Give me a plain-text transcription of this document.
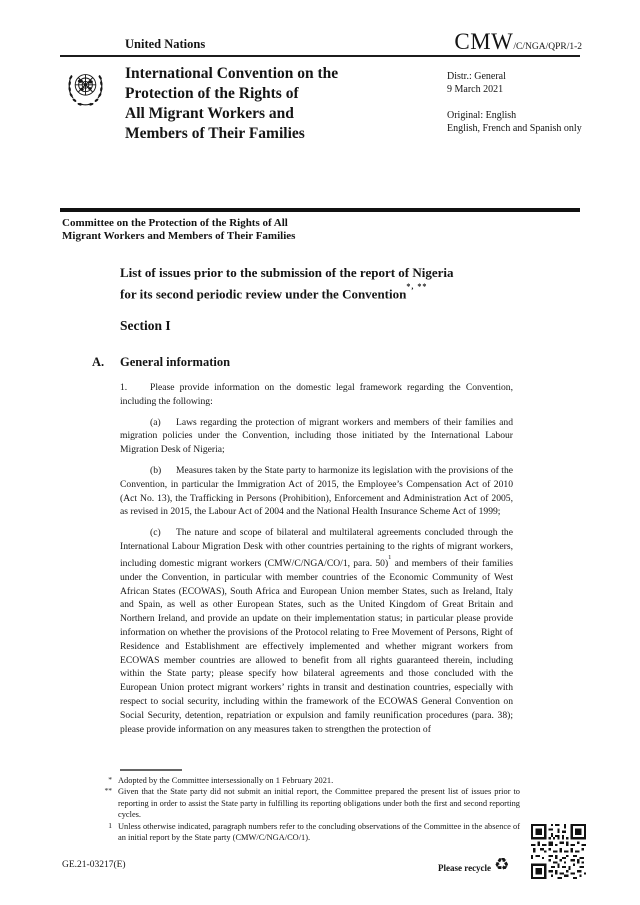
United Nations	CMW /C/NGA/QPR/1-2
International Convention on the
Protection of the Rights of
All Migrant Workers and
Members of Their Families
Distr.: General
9 March 2021
Original: English
English, French and Spanish only
Committee on the Protection of the Rights of All
Migrant Workers and Members of Their Families
List of issues prior to the submission of the report of Nigeria
for its second periodic review under the Convention*, **
Section I
A. General information

1. Please provide information on the domestic legal framework regarding the Convention, including the following:

(a) Laws regarding the protection of migrant workers and members of their families and migration policies under the Convention, including those initiated by the International Labour Migration Desk of Nigeria;

(b) Measures taken by the State party to harmonize its legislation with the provisions of the Convention, in particular the Immigration Act of 2015, the Employee’s Compensation Act of 2010 (Act No. 13), the Trafficking in Persons (Prohibition), Enforcement and Administration Act of 2005, as revised in 2015, the Labour Act of 2004 and the National Health Insurance Scheme Act of 1999;

(c) The nature and scope of bilateral and multilateral agreements concluded through the International Labour Migration Desk with other countries pertaining to the rights of migrant workers, including domestic migrant workers (CMW/C/NGA/CO/1, para. 50)$^1$ and members of their families under the Convention, in particular with member countries of the Economic Community of West African States (ECOWAS), South Africa and European Union member States, such as Ireland, Italy and Spain, as well as other European States, such as the United Kingdom of Great Britain and Northern Ireland, and provide an update on their implementation status; in particular please provide information on whether the provisions of the Protocol relating to Free Movement of Persons, Right of Residence and Establishment are effectively implemented and whether migrant workers from ECOWAS member countries are allowed to benefit from all rights guaranteed therein, including within the State party; please specify how bilateral agreements and those concluded with the European Union protect migrant workers’ rights in transit and destination countries, especially with respect to social security, including within the framework of the ECOWAS General Convention on Social Security, detention, repatriation or expulsion and family reunification procedures (para. 38); please provide information on any measures taken to strengthen the protection of

* Adopted by the Committee intersessionally on 1 February 2021.
** Given that the State party did not submit an initial report, the Committee prepared the present list of issues prior to reporting in order to assist the State party in fulfilling its reporting obligations under both the first and second reporting cycles.
1 Unless otherwise indicated, paragraph numbers refer to the concluding observations of the Committee in the absence of an initial report by the State party (CMW/C/NGA/CO/1).
GE.21-03217(E)	Please recycle ♻
